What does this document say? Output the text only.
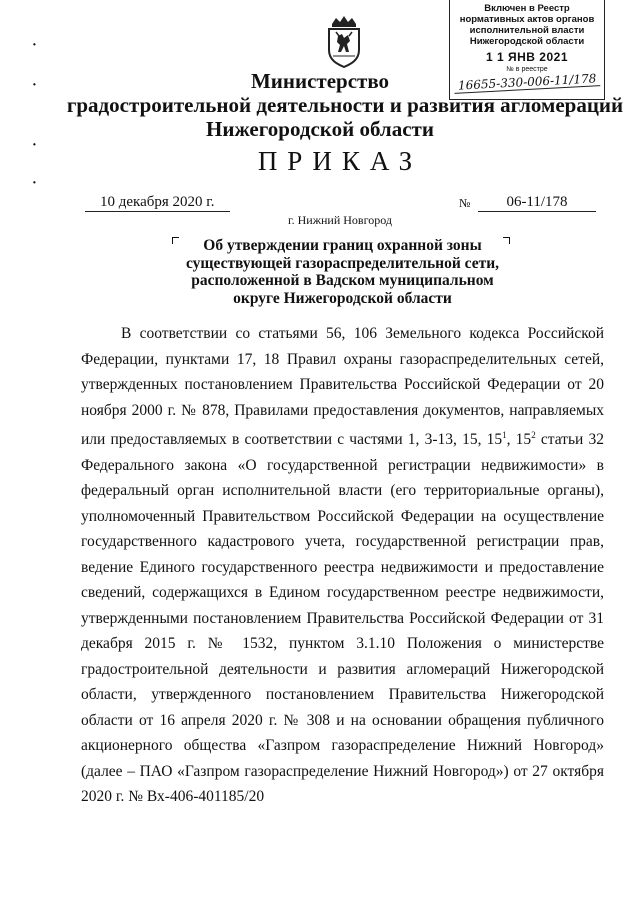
Включен в Реестр
нормативных актов органов
исполнительной власти
Нижегородской области
1 1 ЯНВ 2021
№ в реестре
16655-330-006-11/178
Министерство
градостроительной деятельности и развития агломераций
Нижегородской области
ПРИКАЗ
10 декабря 2020 г.	№	06-11/178
г. Нижний Новгород
Об утверждении границ охранной зоны существующей газораспределительной сети, расположенной в Вадском муниципальном округе Нижегородской области

В соответствии со статьями 56, 106 Земельного кодекса Российской Федерации, пунктами 17, 18 Правил охраны газораспределительных сетей, утвержденных постановлением Правительства Российской Федерации от 20 ноября 2000 г. № 878, Правилами предоставления документов, направляемых или предоставляемых в соответствии с частями 1, 3-13, 15, $15^1$, $15^2$ статьи 32 Федерального закона «О государственной регистрации недвижимости» в федеральный орган исполнительной власти (его территориальные органы), уполномоченный Правительством Российской Федерации на осуществление государственного кадастрового учета, государственной регистрации прав, ведение Единого государственного реестра недвижимости и предоставление сведений, содержащихся в Едином государственном реестре недвижимости, утвержденными постановлением Правительства Российской Федерации от 31 декабря 2015 г. № 1532, пунктом 3.1.10 Положения о министерстве градостроительной деятельности и развития агломераций Нижегородской области, утвержденного постановлением Правительства Нижегородской области от 16 апреля 2020 г. № 308 и на основании обращения публичного акционерного общества «Газпром газораспределение Нижний Новгород» (далее – ПАО «Газпром газораспределение Нижний Новгород») от 27 октября 2020 г. № Вх-406-401185/20

•
•
•
•
